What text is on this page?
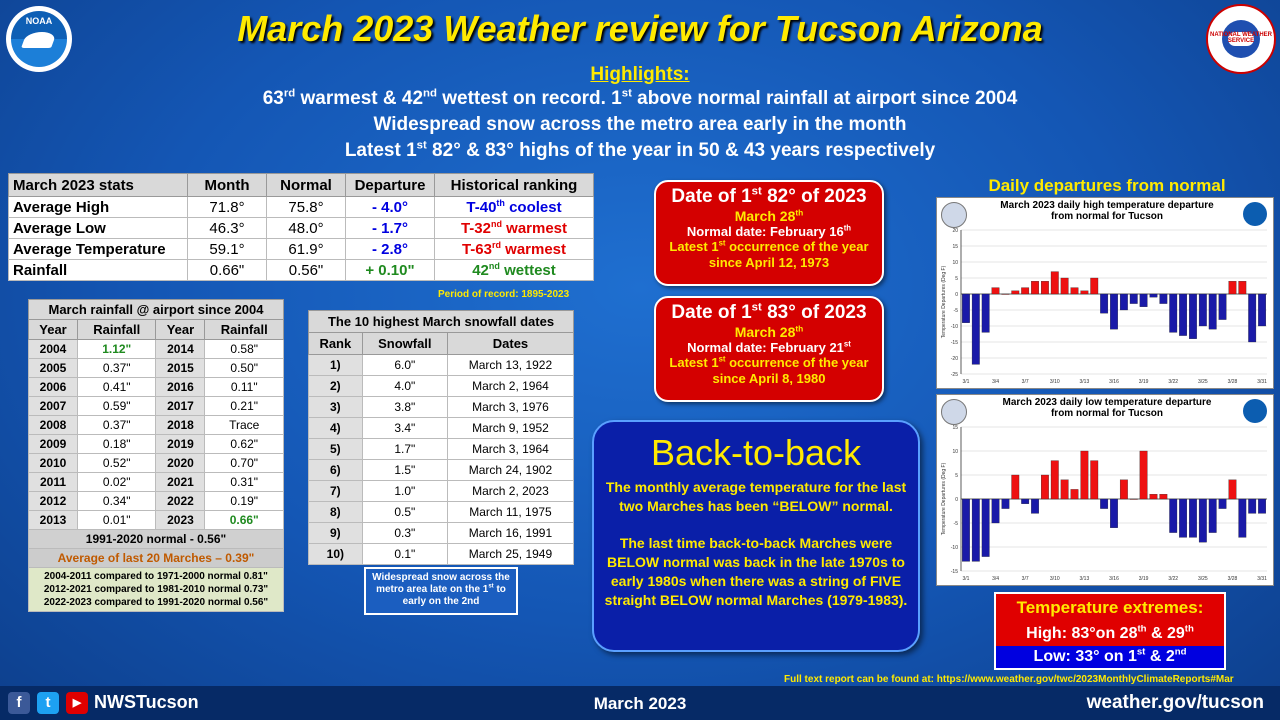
NOAA
NATIONAL WEATHER SERVICE
March 2023 Weather review for Tucson Arizona
Highlights:
63rd warmest & 42nd wettest on record. 1st above normal rainfall at airport since 2004
Widespread snow across the metro area early in the month
Latest 1st 82° & 83° highs of the year in 50 & 43 years respectively
March 2023 stats	Month	Normal	Departure	Historical ranking
Average High	71.8°	75.8°	- 4.0°	T-40th coolest
Average Low	46.3°	48.0°	- 1.7°	T-32nd warmest
Average Temperature	59.1°	61.9°	- 2.8°	T-63rd warmest
Rainfall	0.66"	0.56"	+ 0.10"	42nd wettest
Period of record: 1895-2023
March rainfall @ airport since 2004			
Year	Rainfall	Year	Rainfall
2004	1.12"	2014	0.58"
2005	0.37"	2015	0.50"
2006	0.41"	2016	0.11"
2007	0.59"	2017	0.21"
2008	0.37"	2018	Trace
2009	0.18"	2019	0.62"
2010	0.52"	2020	0.70"
2011	0.02"	2021	0.31"
2012	0.34"	2022	0.19"
2013	0.01"	2023	0.66"
1991-2020 normal - 0.56"			
Average of last 20 Marches – 0.39"			

2004-2011 compared to 1971-2000 normal 0.81"
2012-2021 compared to 1981-2010 normal 0.73"
2022-2023 compared to 1991-2020 normal 0.56"			
The 10 highest March snowfall dates		
Rank	Snowfall	Dates
1)	6.0"	March 13, 1922
2)	4.0"	March 2, 1964
3)	3.8"	March 3, 1976
4)	3.4"	March 9, 1952
5)	1.7"	March 3, 1964
6)	1.5"	March 24, 1902
7)	1.0"	March 2, 2023
8)	0.5"	March 11, 1975
9)	0.3"	March 16, 1991
10)	0.1"	March 25, 1949
Widespread snow across the metro area late on the 1st to early on the 2nd
Date of 1st 82° of 2023
March 28th
Normal date: February 16th
Latest 1st occurrence of the year since April 12, 1973
Date of 1st 83° of 2023
March 28th
Normal date: February 21st
Latest 1st occurrence of the year since April 8, 1980
Back-to-back
The monthly average temperature for the last two Marches has been “BELOW” normal.
The last time back-to-back Marches were BELOW normal was back in the late 1970s to early 1980s when there was a string of FIVE straight BELOW normal Marches (1979-1983).
Daily departures from normal
20
15
10
5
0
-5
-10
-15
-20
-25
Temperature Departures (Deg F)
3/1	3/4	3/7	3/10	3/13	3/16	3/19	3/22	3/25	3/28	3/31
March 2023 daily high temperature departure from normal for Tucson
15
10
5
0
-5
-10
-15
Temperature Departures (Deg F)
3/1	3/4	3/7	3/10	3/13	3/16	3/19	3/22	3/25	3/28	3/31
March 2023 daily low temperature departure from normal for Tucson
Temperature extremes:
High: 83°on 28th & 29th
Low: 33° on 1st & 2nd
Full text report can be found at: https://www.weather.gov/twc/2023MonthlyClimateReports#Mar
f	t	▶ NWSTucson	March 2023	weather.gov/tucson
